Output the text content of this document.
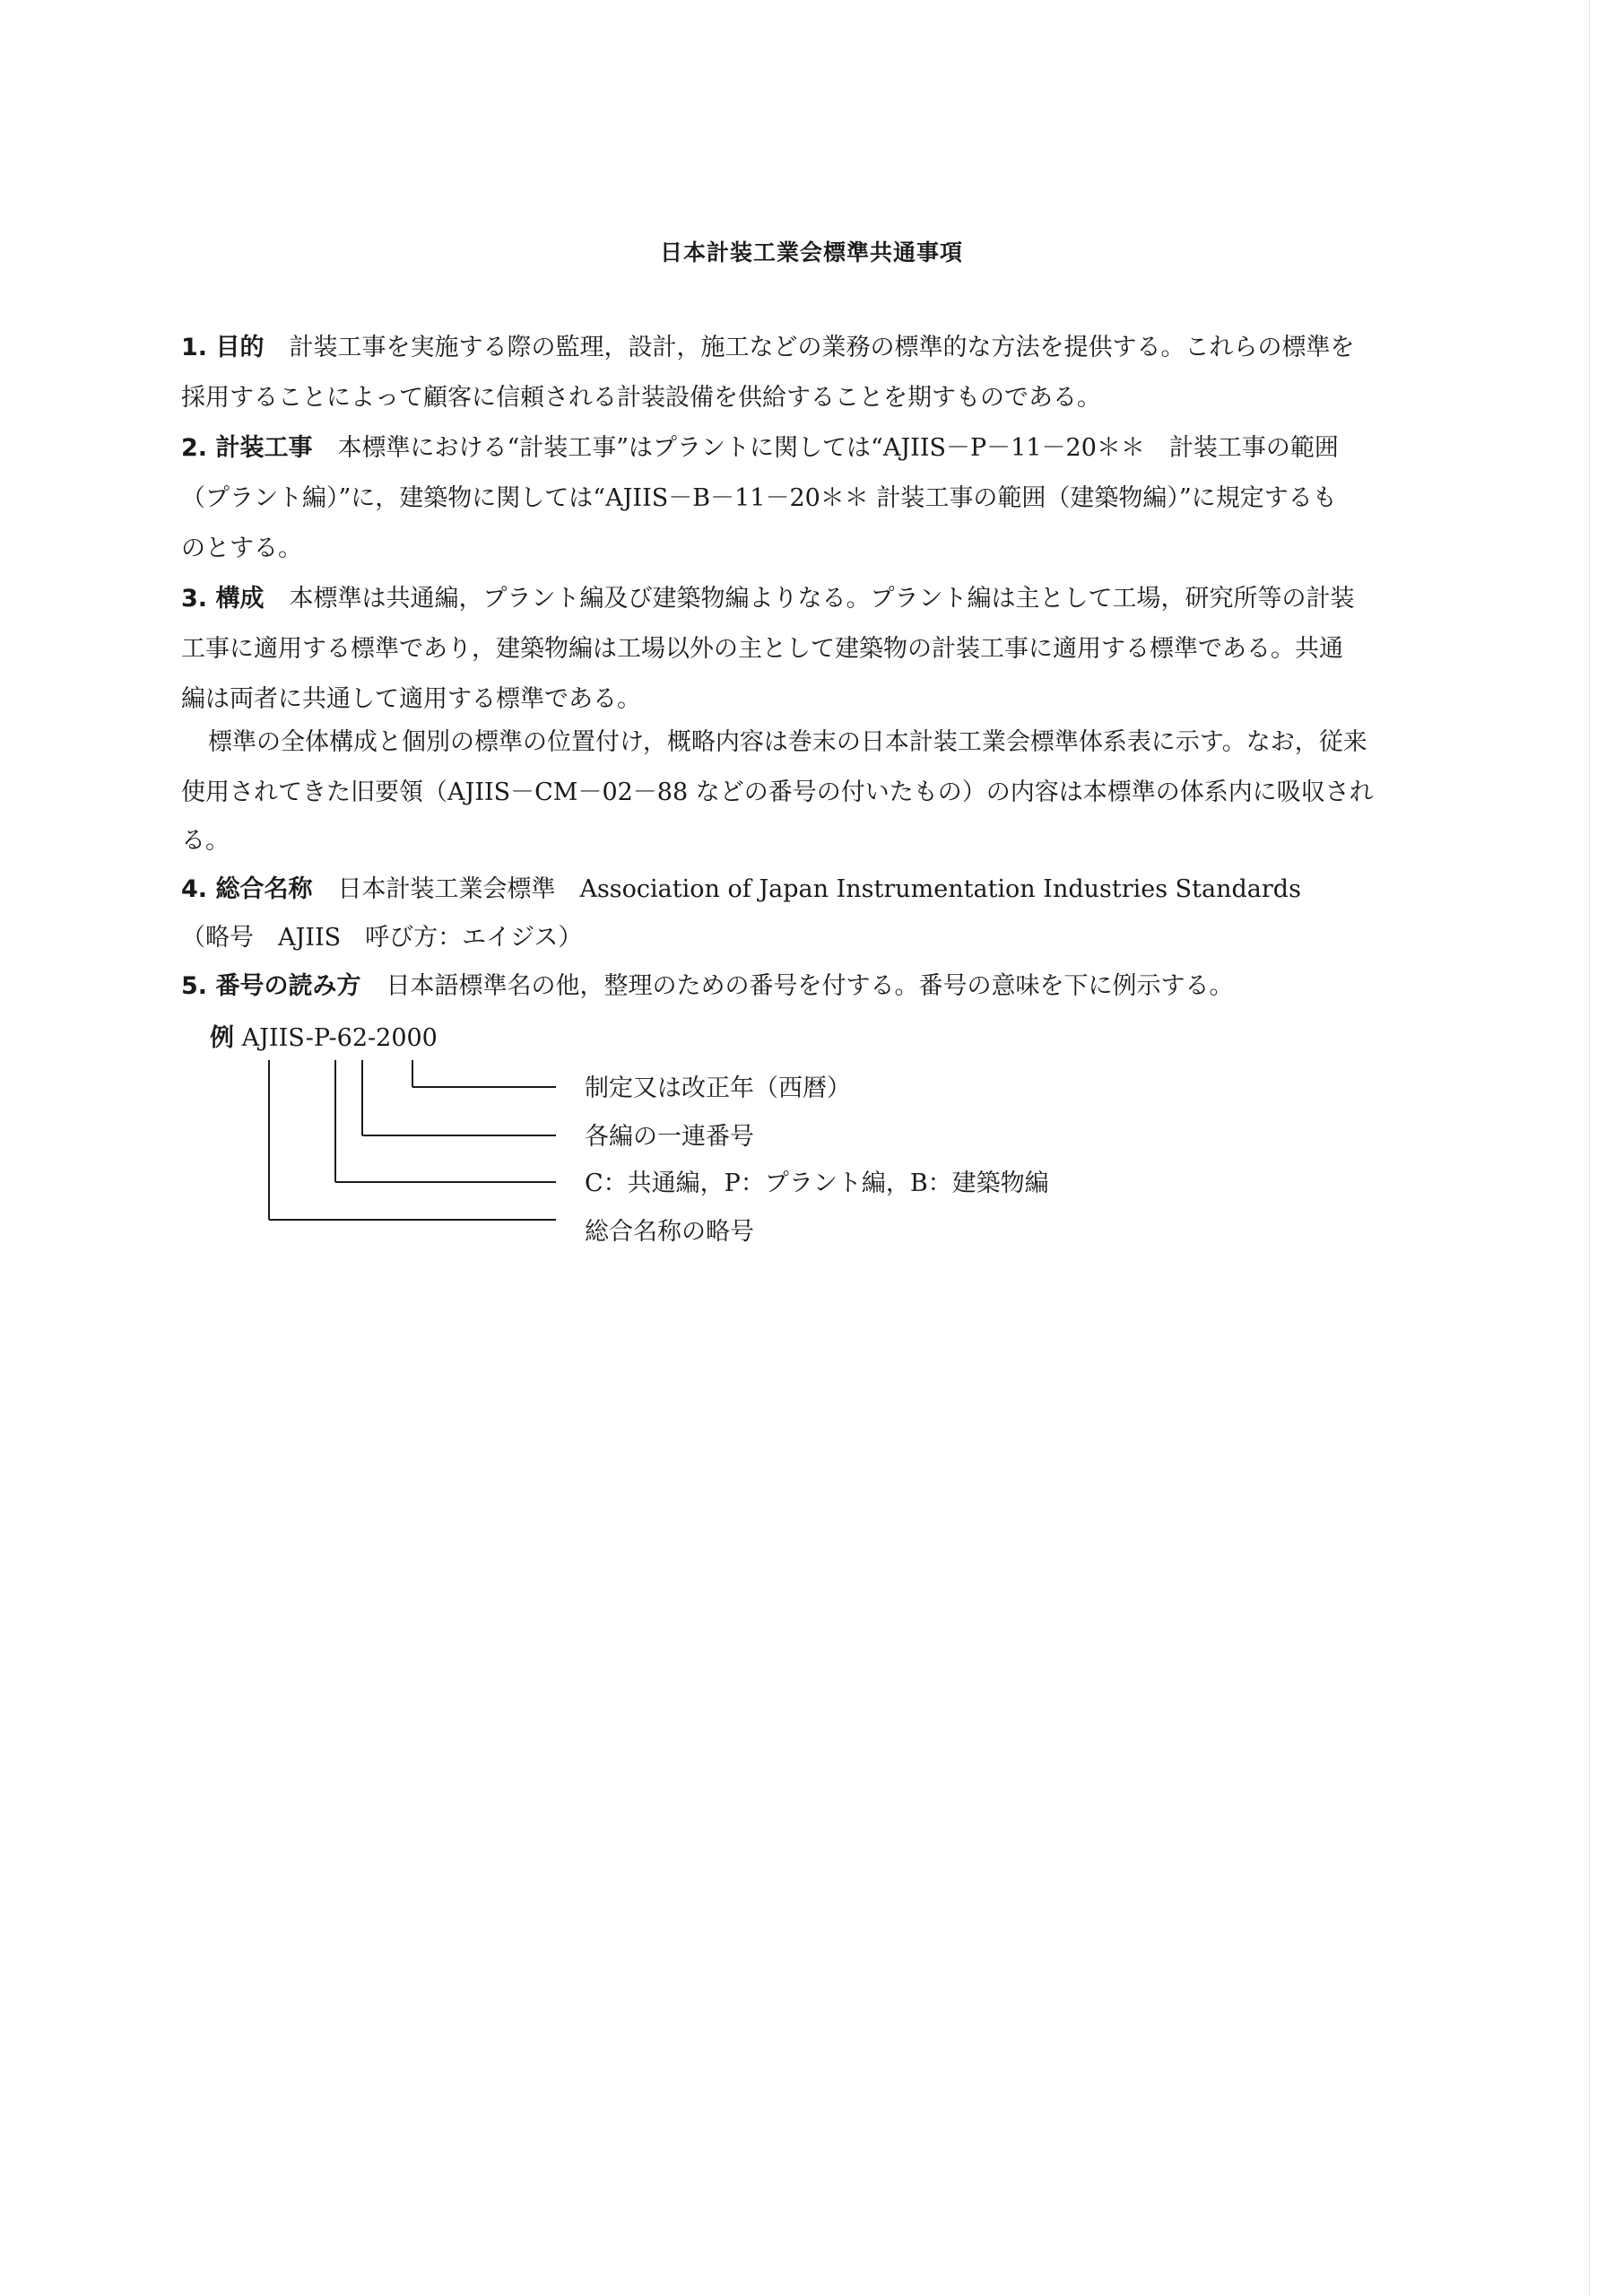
日本計装工業会標準共通事項
1. 目的 計装工事を実施する際の監理，設計，施工などの業務の標準的な方法を提供する。これらの標準を
採用することによって顧客に信頼される計装設備を供給することを期すものである。
2. 計装工事 本標準における“計装工事”はプラントに関しては“AJIIS－P－11－20＊＊　計装工事の範囲
（プラント編）”に，建築物に関しては“AJIIS－B－11－20＊＊ 計装工事の範囲（建築物編）”に規定するも
のとする。
3. 構成 本標準は共通編，プラント編及び建築物編よりなる。プラント編は主として工場，研究所等の計装
工事に適用する標準であり，建築物編は工場以外の主として建築物の計装工事に適用する標準である。共通
編は両者に共通して適用する標準である。
標準の全体構成と個別の標準の位置付け，概略内容は巻末の日本計装工業会標準体系表に示す。なお，従来
使用されてきた旧要領（AJIIS－CM－02－88 などの番号の付いたもの）の内容は本標準の体系内に吸収され
る。
4. 総合名称 日本計装工業会標準　Association of Japan Instrumentation Industries Standards
（略号　AJIIS　呼び方：エイジス）
5. 番号の読み方 日本語標準名の他，整理のための番号を付する。番号の意味を下に例示する。
例 AJIIS-P-62-2000
制定又は改正年（西暦）
各編の一連番号
C：共通編，P：プラント編，B：建築物編
総合名称の略号
